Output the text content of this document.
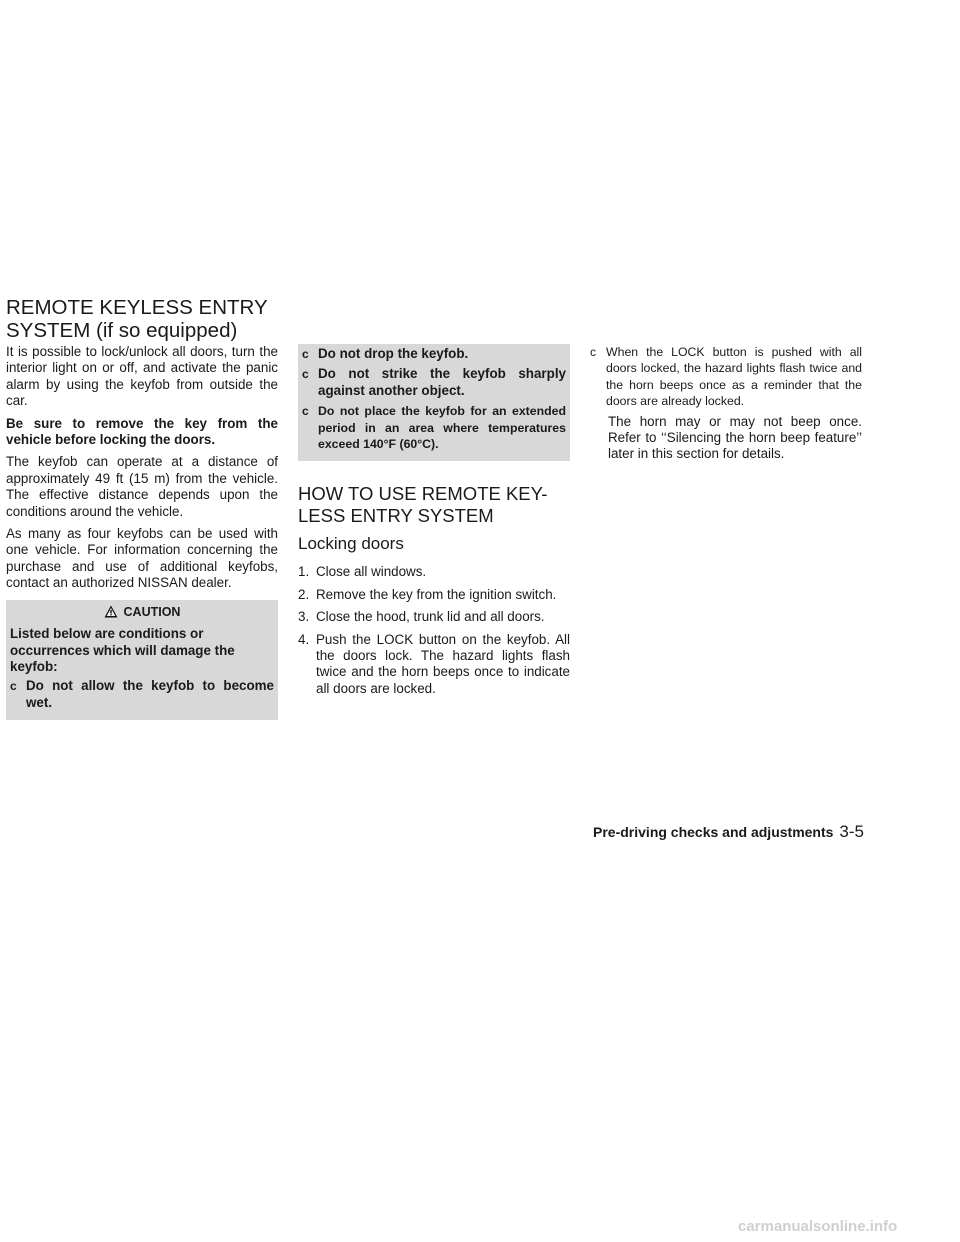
REMOTE KEYLESS ENTRY
SYSTEM (if so equipped)

It is possible to lock/unlock all doors, turn the interior light on or off, and activate the panic alarm by using the keyfob from outside the car.

Be sure to remove the key from the vehicle before locking the doors.

The keyfob can operate at a distance of approximately 49 ft (15 m) from the vehicle. The effective distance depends upon the conditions around the vehicle.

As many as four keyfobs can be used with one vehicle. For information concerning the purchase and use of additional keyfobs, contact an authorized NISSAN dealer.

CAUTION

Listed below are conditions or occurrences which will damage the keyfob:

c Do not allow the keyfob to become wet.
c Do not drop the keyfob.
c Do not strike the keyfob sharply against another object.
c Do not place the keyfob for an extended period in an area where temperatures exceed 140°F (60°C).
HOW TO USE REMOTE KEY-
LESS ENTRY SYSTEM
Locking doors
1. Close all windows.
2. Remove the key from the ignition switch.
3. Close the hood, trunk lid and all doors.
4. Push the LOCK button on the keyfob. All the doors lock. The hazard lights flash twice and the horn beeps once to indicate all doors are locked.
c When the LOCK button is pushed with all doors locked, the hazard lights flash twice and the horn beeps once as a reminder that the doors are already locked.

The horn may or may not beep once. Refer to ‘‘Silencing the horn beep feature’’ later in this section for details.

Pre-driving checks and adjustments 3-5
carmanualsonline.info
